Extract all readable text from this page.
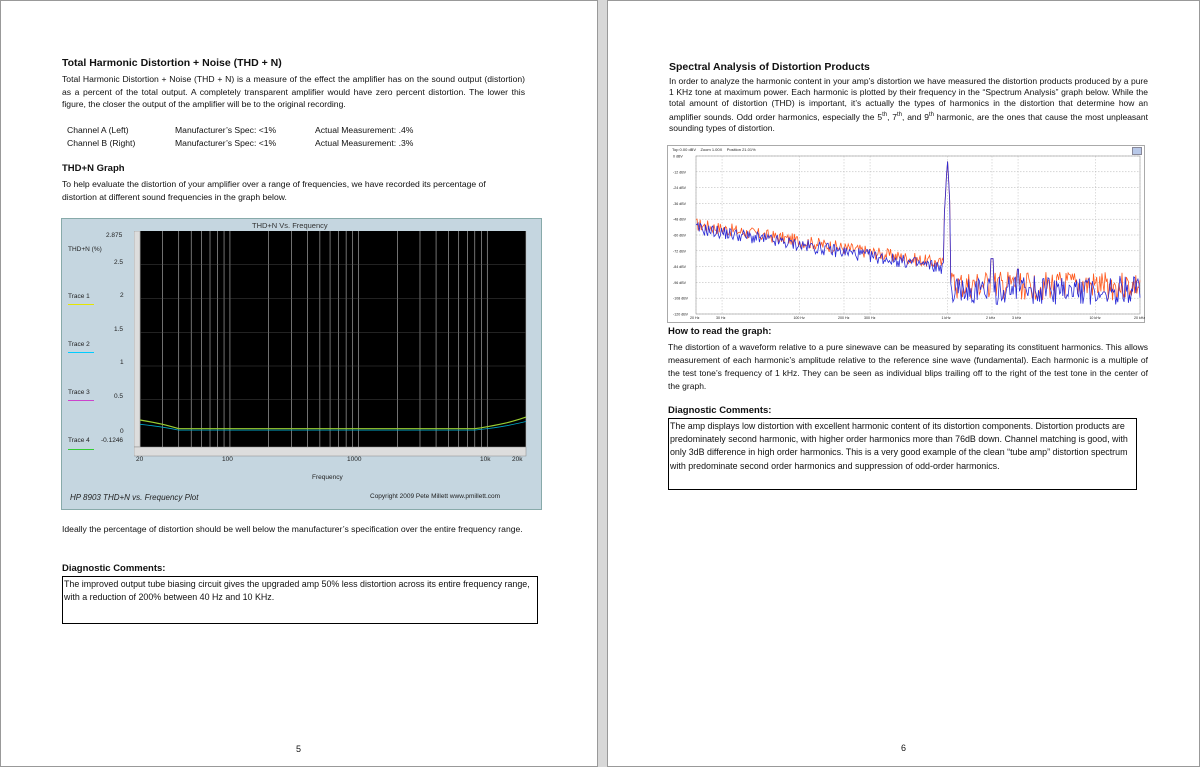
Total Harmonic Distortion + Noise (THD + N)
Total Harmonic Distortion + Noise (THD + N) is a measure of the effect the amplifier has on the sound output (distortion) as a percent of the total output. A completely transparent amplifier would have zero percent distortion. The lower this figure, the closer the output of the amplifier will be to the original recording.
Channel A (Left)	Manufacturer’s Spec: <1%	Actual Measurement: .4%
Channel B (Right)	Manufacturer’s Spec: <1%	Actual Measurement: .3%
THD+N Graph
To help evaluate the distortion of your amplifier over a range of frequencies, we have recorded its percentage of distortion at different sound frequencies in the graph below.
THD+N Vs. Frequency
THD+N (%)
2.875
2.5
2
1.5
1
0.5
0
-0.1246
Trace 1
Trace 2
Trace 3
Trace 4
20	100	1000	10k	20k
Frequency
HP 8903 THD+N vs. Frequency Plot	Copyright 2009 Pete Millett www.pmillett.com
Ideally the percentage of distortion should be well below the manufacturer’s specification over the entire frequency range.
Diagnostic Comments:
The improved output tube biasing circuit gives the upgraded amp 50% less distortion across its entire frequency range, with a reduction of 200% between 40 Hz and 10 KHz.
5
Spectral Analysis of Distortion Products
In order to analyze the harmonic content in your amp’s distortion we have measured the distortion products produced by a pure 1 KHz tone at maximum power. Each harmonic is plotted by their frequency in the “Spectrum Analysis” graph below. While the total amount of distortion (THD) is important, it’s actually the types of harmonics in the distortion that determine how an amplifier sounds. Odd order harmonics, especially the 5th, 7th, and 9th harmonic, are the ones that cause the most unpleasant sounding types of distortion.
Top 0.00 dBV Zoom 1.00X Position 21.01%
0 dBV
-12 dBV
-24 dBV
-36 dBV
-48 dBV
-60 dBV
-72 dBV
-84 dBV
-96 dBV
-108 dBV
-120 dBV
20 Hz	30 Hz	100 Hz	200 Hz	300 Hz	1 kHz	2 kHz	3 kHz	10 kHz	20 kHz
How to read the graph:
The distortion of a waveform relative to a pure sinewave can be measured by separating its constituent harmonics. This allows measurement of each harmonic’s amplitude relative to the reference sine wave (fundamental). Each harmonic is a multiple of the test tone’s frequency of 1 kHz. They can be seen as individual blips trailing off to the right of the test tone in the center of the graph.
Diagnostic Comments:
The amp displays low distortion with excellent harmonic content of its distortion components. Distortion products are predominately second harmonic, with higher order harmonics more than 76dB down. Channel matching is good, with only 3dB difference in high order harmonics. This is a very good example of the clean “tube amp” distortion spectrum with predominate second order harmonics and suppression of odd-order harmonics.
6
